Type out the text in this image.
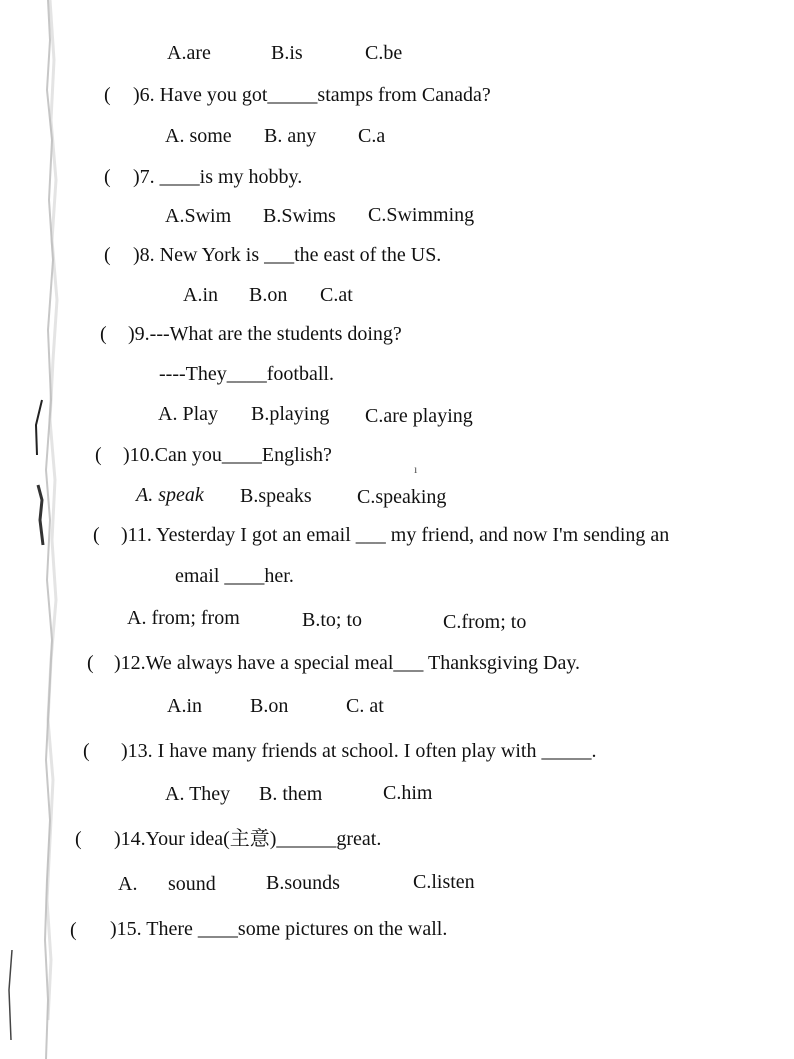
A.are	B.is	C.be
( )6. Have you got_____stamps from Canada?
A. some B. any C.a
( )7. ____is my hobby.
A.Swim B.Swims C.Swimming
( )8. New York is ___the east of the US.
A.in B.on C.at
( )9.---What are the students doing?
----They____football.
A. Play B.playing C.are playing
( )10.Can you____English?
ı
A. speak B.speaks C.speaking
( )11. Yesterday I got an email ___ my friend, and now I'm sending an
email ____her.
A. from; from	B.to; to	C.from; to
( )12.We always have a special meal___ Thanksgiving Day.
A.in B.on	C. at
( )13. I have many friends at school. I often play with _____.
A. They B. them	C.him
( )14.Your idea(主意)______great.
A. sound	B.sounds	C.listen
( )15. There ____some pictures on the wall.
